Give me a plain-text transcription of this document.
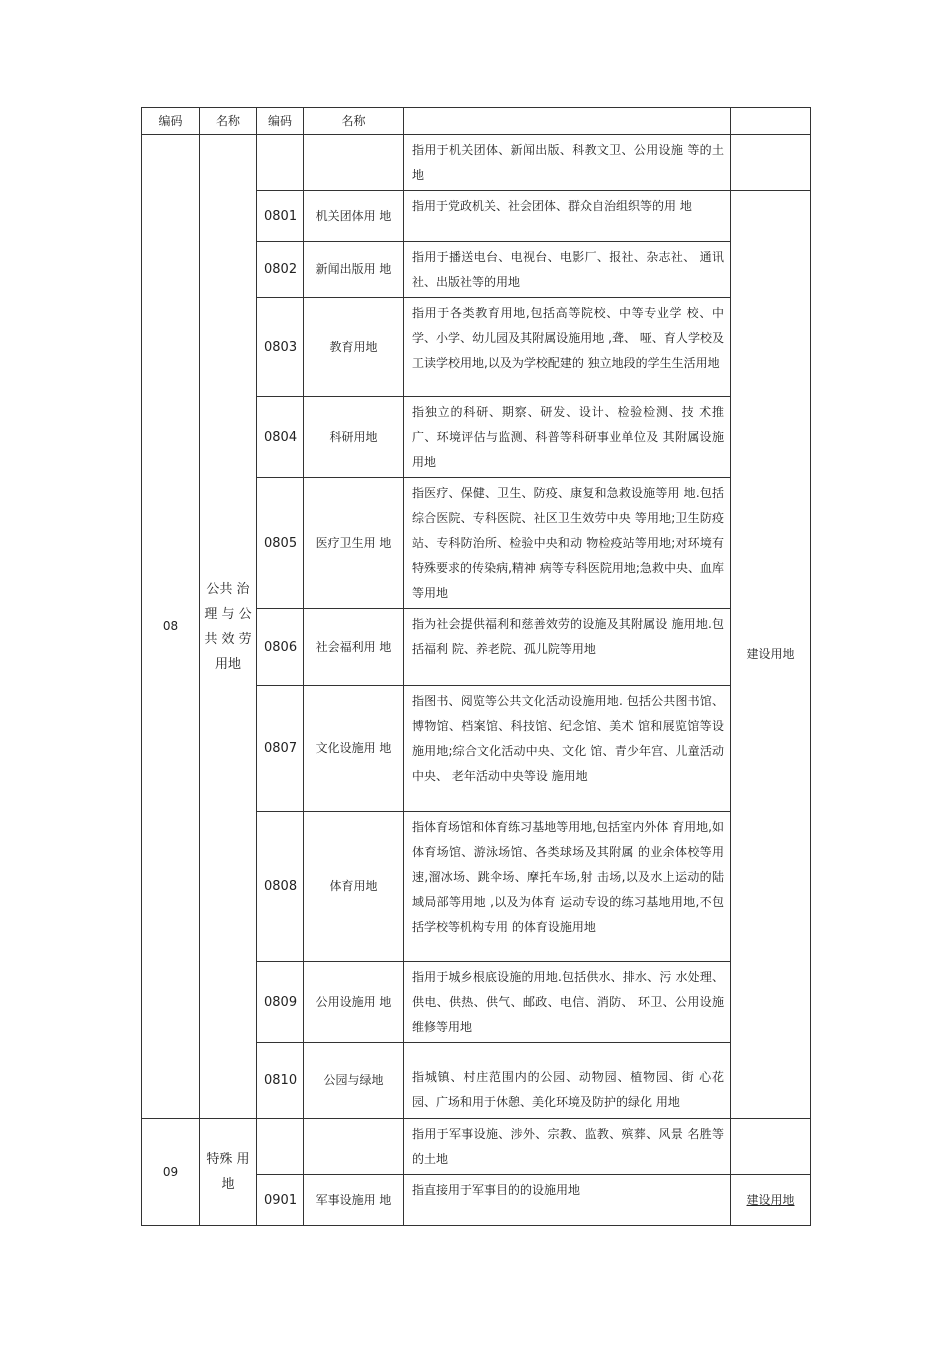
编码	名称	编码	名称		
08	公共 治 理 与 公共 效 劳 用地			指用于机关团体、新闻出版、科教文卫、公用设施 等的土地	
		0801	机关团体用 地	指用于党政机关、社会团体、群众自治组织等的用 地	建设用地
		0802	新闻出版用 地	指用于播送电台、电视台、电影厂、报社、杂志社、 通讯社、出版社等的用地	
		0803	教育用地	指用于各类教育用地,包括高等院校、中等专业学 校、中学、小学、幼儿园及其附属设施用地 ,聋、 哑、育人学校及工读学校用地,以及为学校配建的 独立地段的学生生活用地	
		0804	科研用地	指独立的科研、期察、研发、设计、检验检测、技 术推广、环境评估与监测、科普等科研事业单位及 其附属设施用地	
		0805	医疗卫生用 地	指医疗、保健、卫生、防疫、康复和急救设施等用 地.包括综合医院、专科医院、社区卫生效劳中央 等用地;卫生防疫站、专科防治所、检验中央和动 物检疫站等用地;对环境有特殊要求的传染病,精神 病等专科医院用地;急救中央、血库等用地	
		0806	社会福利用 地	指为社会提供福利和慈善效劳的设施及其附属设 施用地.包括福利 院、养老院、孤儿院等用地	
		0807	文化设施用 地	指图书、阅览等公共文化活动设施用地. 包括公共图书馆、博物馆、档案馆、科技馆、纪念馆、美术 馆和展览馆等设施用地;综合文化活动中央、文化 馆、青少年宫、儿童活动中央、 老年活动中央等设 施用地	
		0808	体育用地	指体育场馆和体育练习基地等用地,包括室内外体 育用地,如体育场馆、游泳场馆、各类球场及其附属 的业余体校等用速,溜冰场、跳伞场、摩托车场,射 击场,以及水上运动的陆域局部等用地 ,以及为体育 运动专设的练习基地用地,不包括学校等机构专用 的体育设施用地	
		0809	公用设施用 地	指用于城乡根底设施的用地.包括供水、排水、污 水处理、供电、供热、供气、邮政、电信、消防、 环卫、公用设施维修等用地	
		0810	公园与绿地	指城镇、村庄范围内的公园、动物园、植物园、街 心花园、广场和用于休憩、美化环境及防护的绿化 用地	
09	特殊 用 地			指用于军事设施、涉外、宗教、监教、殡葬、风景 名胜等的土地	
		0901	军事设施用 地	指直接用于军事目的的设施用地	建设用地
